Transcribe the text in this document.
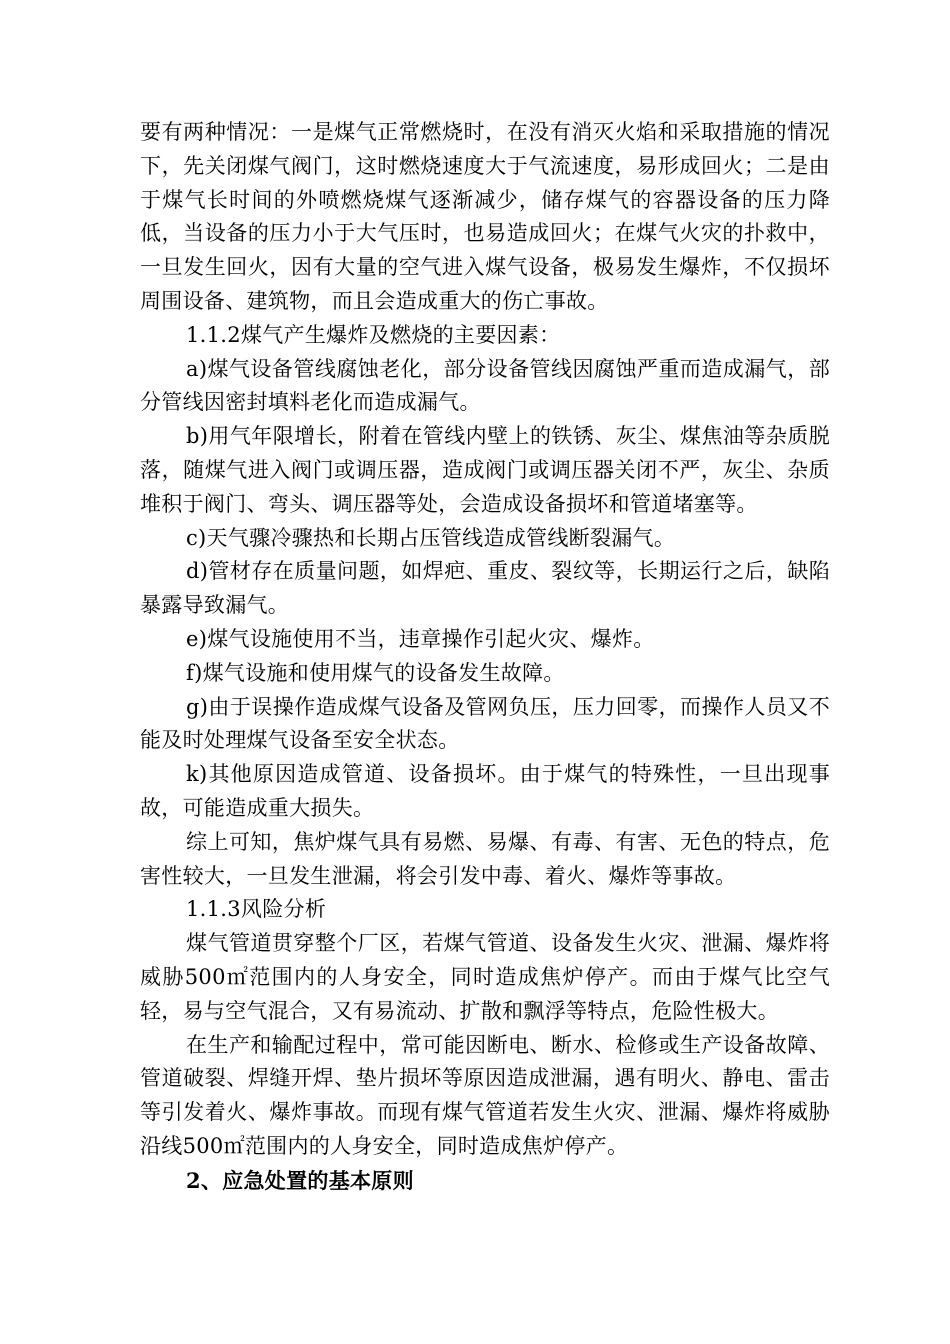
要有两种情况：一是煤气正常燃烧时，在没有消灭火焰和采取措施的情况下，先关闭煤气阀门，这时燃烧速度大于气流速度，易形成回火；二是由于煤气长时间的外喷燃烧煤气逐渐减少，储存煤气的容器设备的压力降低，当设备的压力小于大气压时，也易造成回火；在煤气火灾的扑救中，一旦发生回火，因有大量的空气进入煤气设备，极易发生爆炸，不仅损坏周围设备、建筑物，而且会造成重大的伤亡事故。

1.1.2煤气产生爆炸及燃烧的主要因素：

a)煤气设备管线腐蚀老化，部分设备管线因腐蚀严重而造成漏气，部分管线因密封填料老化而造成漏气。

b)用气年限增长，附着在管线内壁上的铁锈、灰尘、煤焦油等杂质脱落，随煤气进入阀门或调压器，造成阀门或调压器关闭不严，灰尘、杂质堆积于阀门、弯头、调压器等处，会造成设备损坏和管道堵塞等。

c)天气骤冷骤热和长期占压管线造成管线断裂漏气。

d)管材存在质量问题，如焊疤、重皮、裂纹等，长期运行之后，缺陷暴露导致漏气。

e)煤气设施使用不当，违章操作引起火灾、爆炸。

f)煤气设施和使用煤气的设备发生故障。

g)由于误操作造成煤气设备及管网负压，压力回零，而操作人员又不能及时处理煤气设备至安全状态。

k)其他原因造成管道、设备损坏。由于煤气的特殊性，一旦出现事故，可能造成重大损失。

综上可知，焦炉煤气具有易燃、易爆、有毒、有害、无色的特点，危害性较大，一旦发生泄漏，将会引发中毒、着火、爆炸等事故。

1.1.3风险分析

煤气管道贯穿整个厂区，若煤气管道、设备发生火灾、泄漏、爆炸将威胁500㎡范围内的人身安全，同时造成焦炉停产。而由于煤气比空气轻，易与空气混合，又有易流动、扩散和飘浮等特点，危险性极大。

在生产和输配过程中，常可能因断电、断水、检修或生产设备故障、管道破裂、焊缝开焊、垫片损坏等原因造成泄漏，遇有明火、静电、雷击等引发着火、爆炸事故。而现有煤气管道若发生火灾、泄漏、爆炸将威胁沿线500㎡范围内的人身安全，同时造成焦炉停产。

2、应急处置的基本原则
